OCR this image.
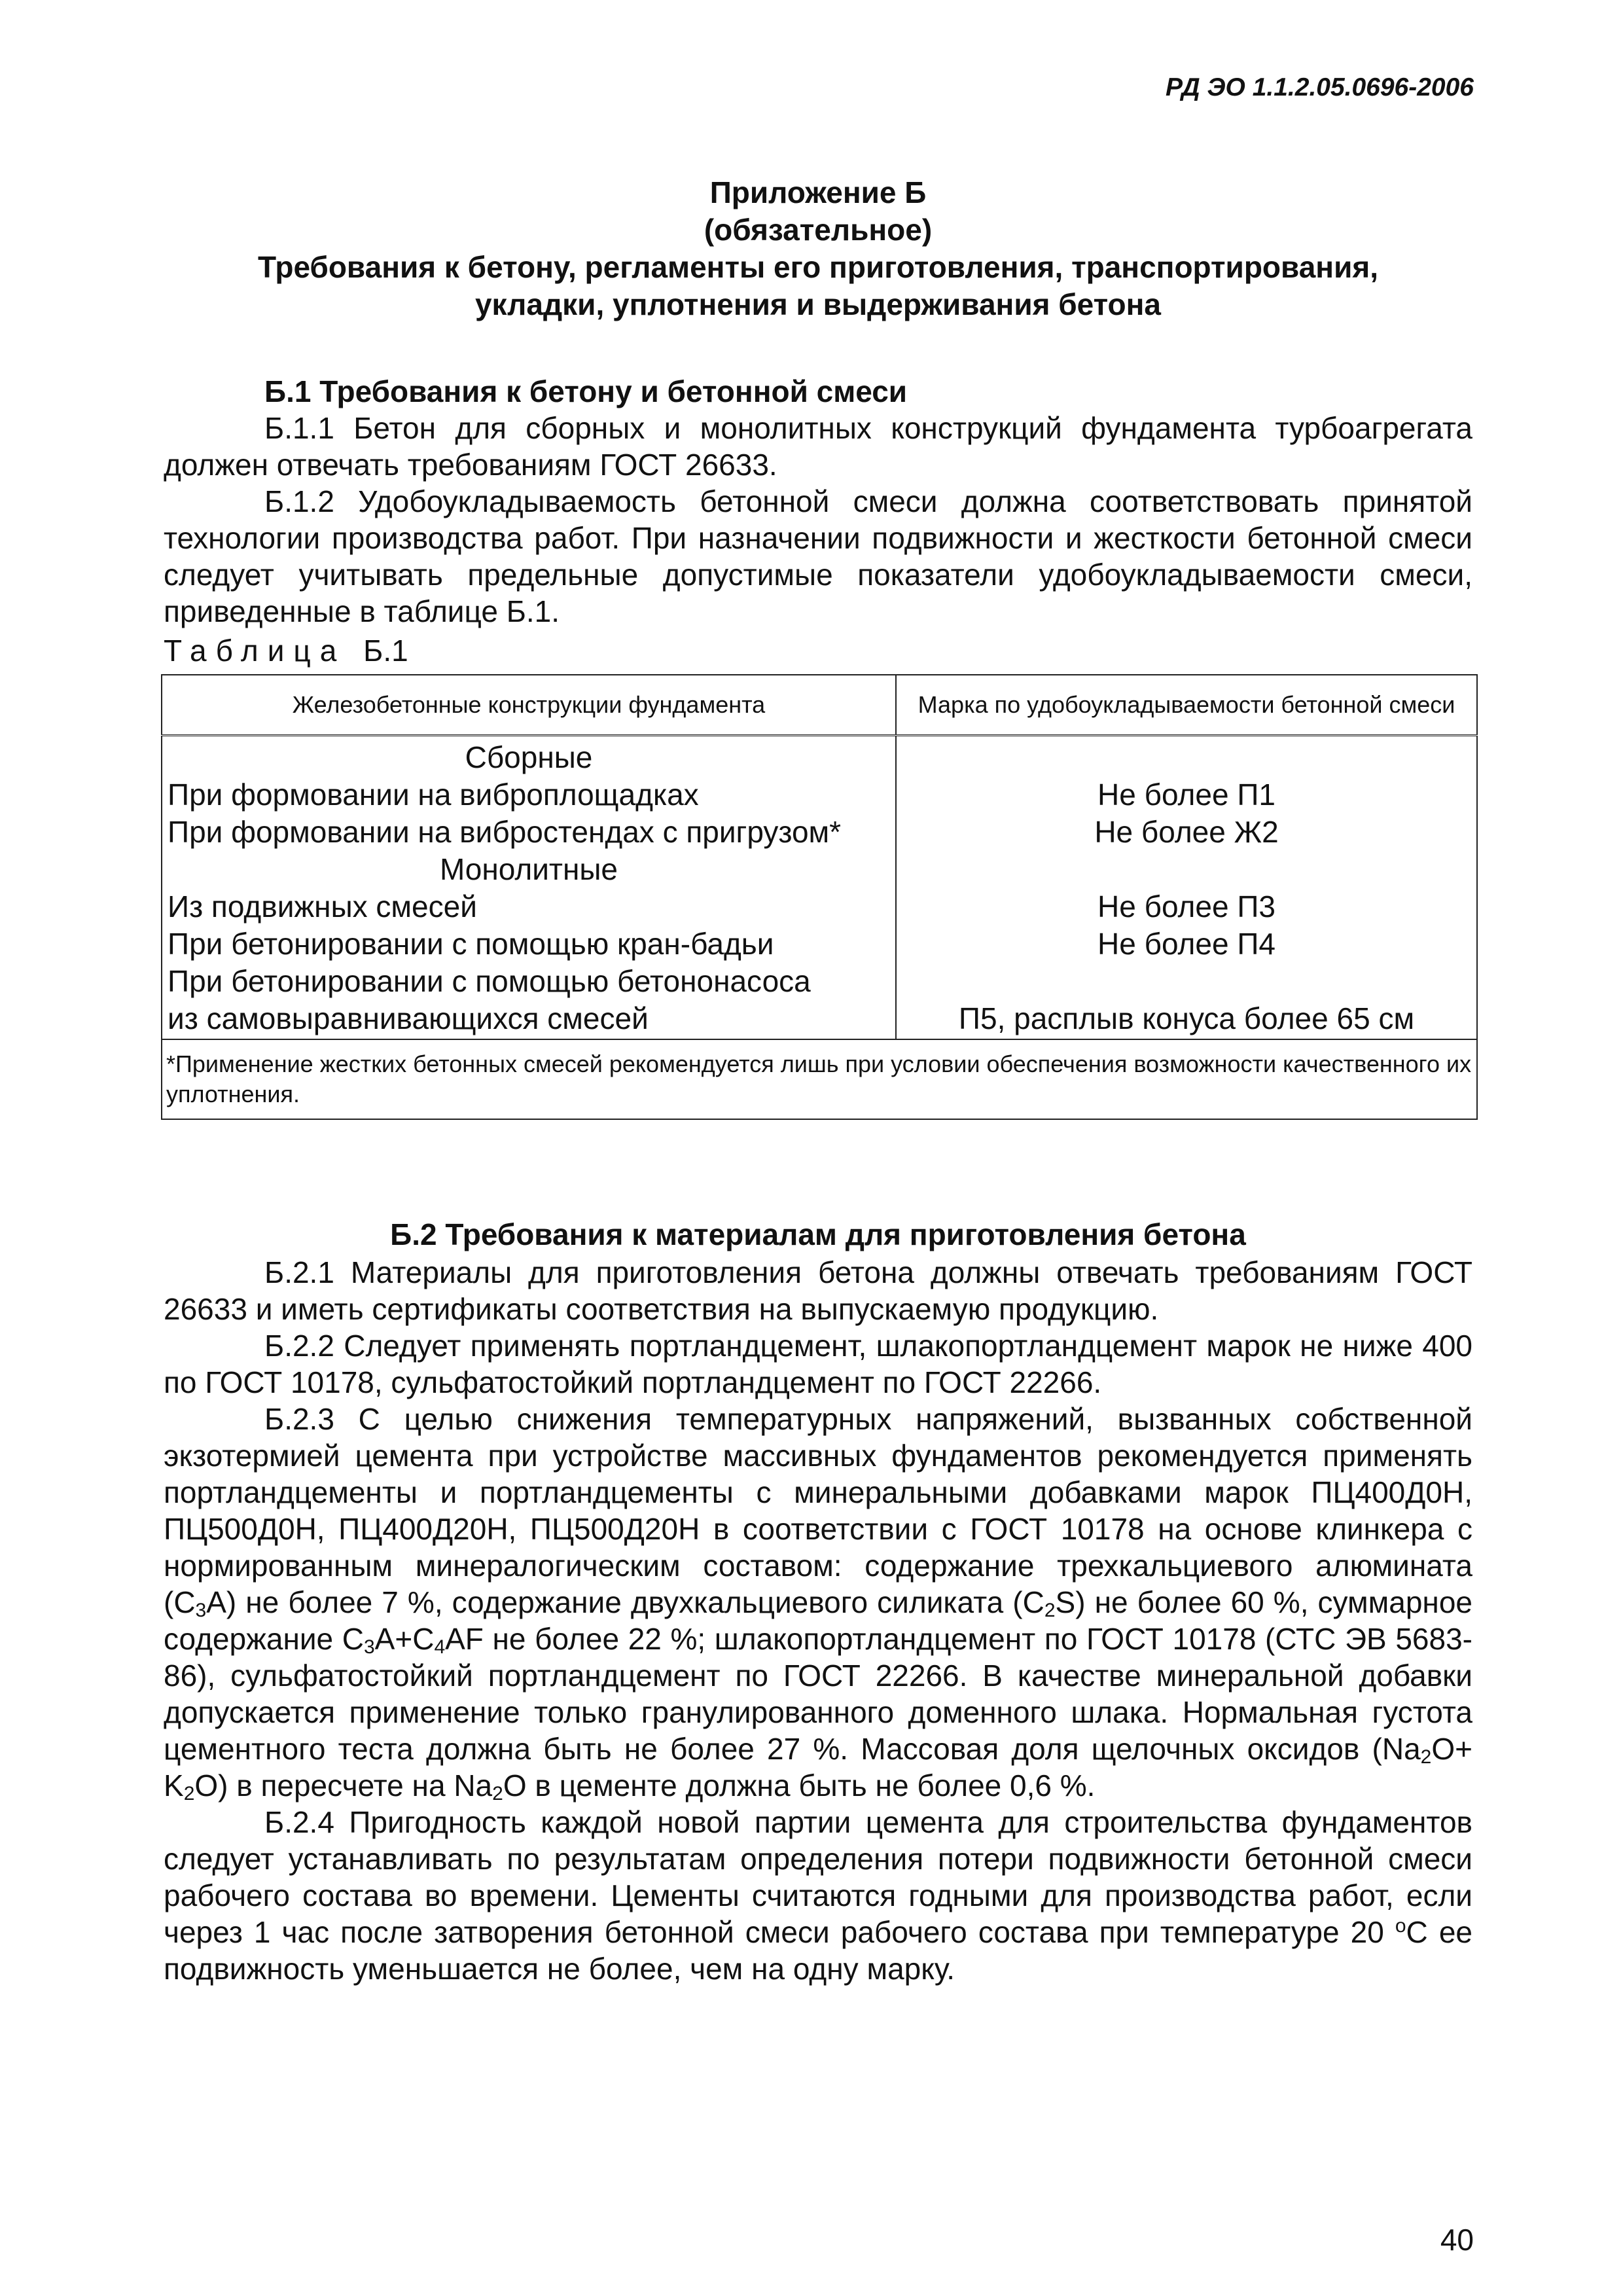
РД ЭО 1.1.2.05.0696-2006
Приложение Б
(обязательное)
Требования к бетону, регламенты его приготовления, транспортирования,
укладки, уплотнения и выдерживания бетона

Б.1 Требования к бетону и бетонной смеси

Б.1.1 Бетон для сборных и монолитных конструкций фундамента турбоагрегата должен отвечать требованиям ГОСТ 26633.

Б.1.2 Удобоукладываемость бетонной смеси должна соответствовать принятой технологии производства работ. При назначении подвижности и жесткости бетонной смеси следует учитывать предельные допустимые показатели удобоукладываемости смеси, приведенные в таблице Б.1.

Таблица Б.1

Железобетонные конструкции фундамента	Марка по удобоукладываемости бетонной смеси
Сборные	
При формовании на виброплощадках	Не более П1
При формовании на вибростендах с пригрузом*	Не более Ж2
Монолитные	
Из подвижных смесей	Не более П3
При бетонировании с помощью кран-бадьи	Не более П4
При бетонировании с помощью бетононасоса	
из самовыравнивающихся смесей	П5, расплыв конуса более 65 см
*Применение жестких бетонных смесей рекомендуется лишь при условии обеспечения возможности качественного их уплотнения.	

Б.2 Требования к материалам для приготовления бетона

Б.2.1 Материалы для приготовления бетона должны отвечать требованиям ГОСТ 26633 и иметь сертификаты соответствия на выпускаемую продукцию.

Б.2.2 Следует применять портландцемент, шлакопортландцемент марок не ниже 400 по ГОСТ 10178, сульфатостойкий портландцемент по ГОСТ 22266.

Б.2.3 С целью снижения температурных напряжений, вызванных собственной экзотермией цемента при устройстве массивных фундаментов рекомендуется применять портландцементы и портландцементы с минеральными добавками марок ПЦ400Д0Н, ПЦ500Д0Н, ПЦ400Д20Н, ПЦ500Д20Н в соответствии с ГОСТ 10178 на основе клинкера с нормированным минералогическим составом: содержание трехкальциевого алюмината $(C_3A)$ не более 7 %, содержание двухкальциевого силиката $(C_2S)$ не более 60 %, суммарное содержание $C_3A+C_4AF$ не более 22 %; шлакопортландцемент по ГОСТ 10178 (СТС ЭВ 5683-86), сульфатостойкий портландцемент по ГОСТ 22266. В качестве минеральной добавки допускается применение только гранулированного доменного шлака. Нормальная густота цементного теста должна быть не более 27 %. Массовая доля щелочных оксидов $(Na_2O+ K_2O)$ в пересчете на $Na_2O$ в цементе должна быть не более 0,6 %.

Б.2.4 Пригодность каждой новой партии цемента для строительства фундаментов следует устанавливать по результатам определения потери подвижности бетонной смеси рабочего состава во времени. Цементы считаются годными для производства работ, если через 1 час после затворения бетонной смеси рабочего состава при температуре 20 $^о$С ее подвижность уменьшается не более, чем на одну марку.

40
